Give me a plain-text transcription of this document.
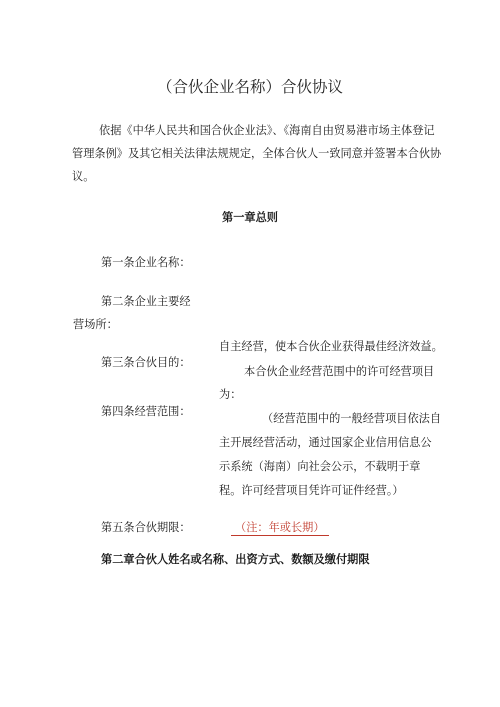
（合伙企业名称）合伙协议
依据《中华人民共和国合伙企业法》、《海南自由贸易港市场主体登记管理条例》及其它相关法律法规规定，全体合伙人一致同意并签署本合伙协议。
第一章总则
第一条企业名称：
第二条企业主要经
营场所：
自主经营，使本合伙企业获得最佳经济效益。
第三条合伙目的：
本合伙企业经营范围中的许可经营项目
为：
第四条经营范围：
（经营范围中的一般经营项目依法自
主开展经营活动，通过国家企业信用信息公
示系统（海南）向社会公示，不载明于章
程。许可经营项目凭许可证件经营。）
第五条合伙期限：	（注：年或长期）
第二章合伙人姓名或名称、出资方式、数额及缴付期限
